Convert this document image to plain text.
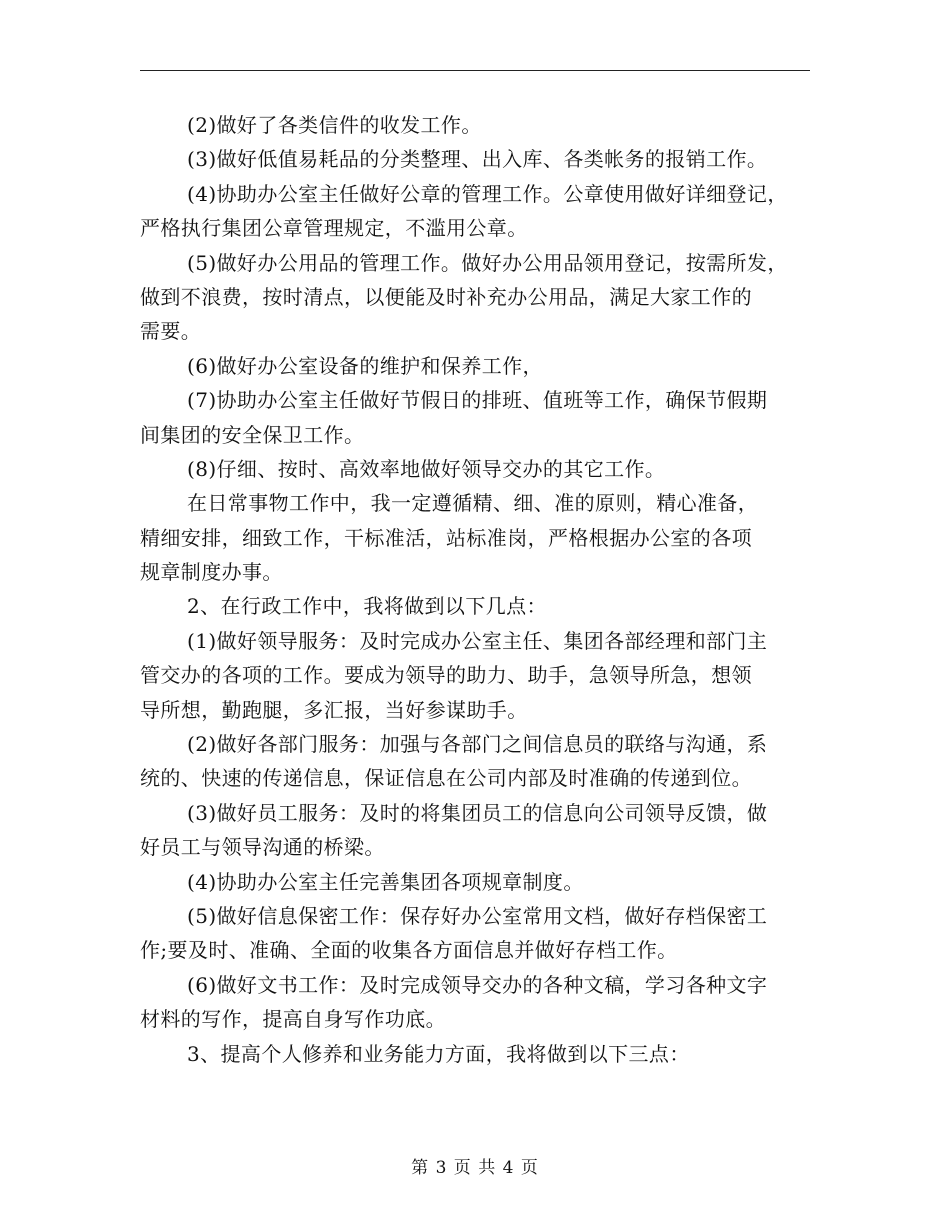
(2)做好了各类信件的收发工作。
(3)做好低值易耗品的分类整理、出入库、各类帐务的报销工作。
(4)协助办公室主任做好公章的管理工作。公章使用做好详细登记，
严格执行集团公章管理规定，不滥用公章。
(5)做好办公用品的管理工作。做好办公用品领用登记，按需所发，
做到不浪费，按时清点，以便能及时补充办公用品，满足大家工作的
需要。
(6)做好办公室设备的维护和保养工作，
(7)协助办公室主任做好节假日的排班、值班等工作，确保节假期
间集团的安全保卫工作。
(8)仔细、按时、高效率地做好领导交办的其它工作。
在日常事物工作中，我一定遵循精、细、准的原则，精心准备，
精细安排，细致工作，干标准活，站标准岗，严格根据办公室的各项
规章制度办事。
2、在行政工作中，我将做到以下几点：
(1)做好领导服务：及时完成办公室主任、集团各部经理和部门主
管交办的各项的工作。要成为领导的助力、助手，急领导所急，想领
导所想，勤跑腿，多汇报，当好参谋助手。
(2)做好各部门服务：加强与各部门之间信息员的联络与沟通，系
统的、快速的传递信息，保证信息在公司内部及时准确的传递到位。
(3)做好员工服务：及时的将集团员工的信息向公司领导反馈，做
好员工与领导沟通的桥梁。
(4)协助办公室主任完善集团各项规章制度。
(5)做好信息保密工作：保存好办公室常用文档，做好存档保密工
作;要及时、准确、全面的收集各方面信息并做好存档工作。
(6)做好文书工作：及时完成领导交办的各种文稿，学习各种文字
材料的写作，提高自身写作功底。
3、提高个人修养和业务能力方面，我将做到以下三点：
第 3 页 共 4 页
